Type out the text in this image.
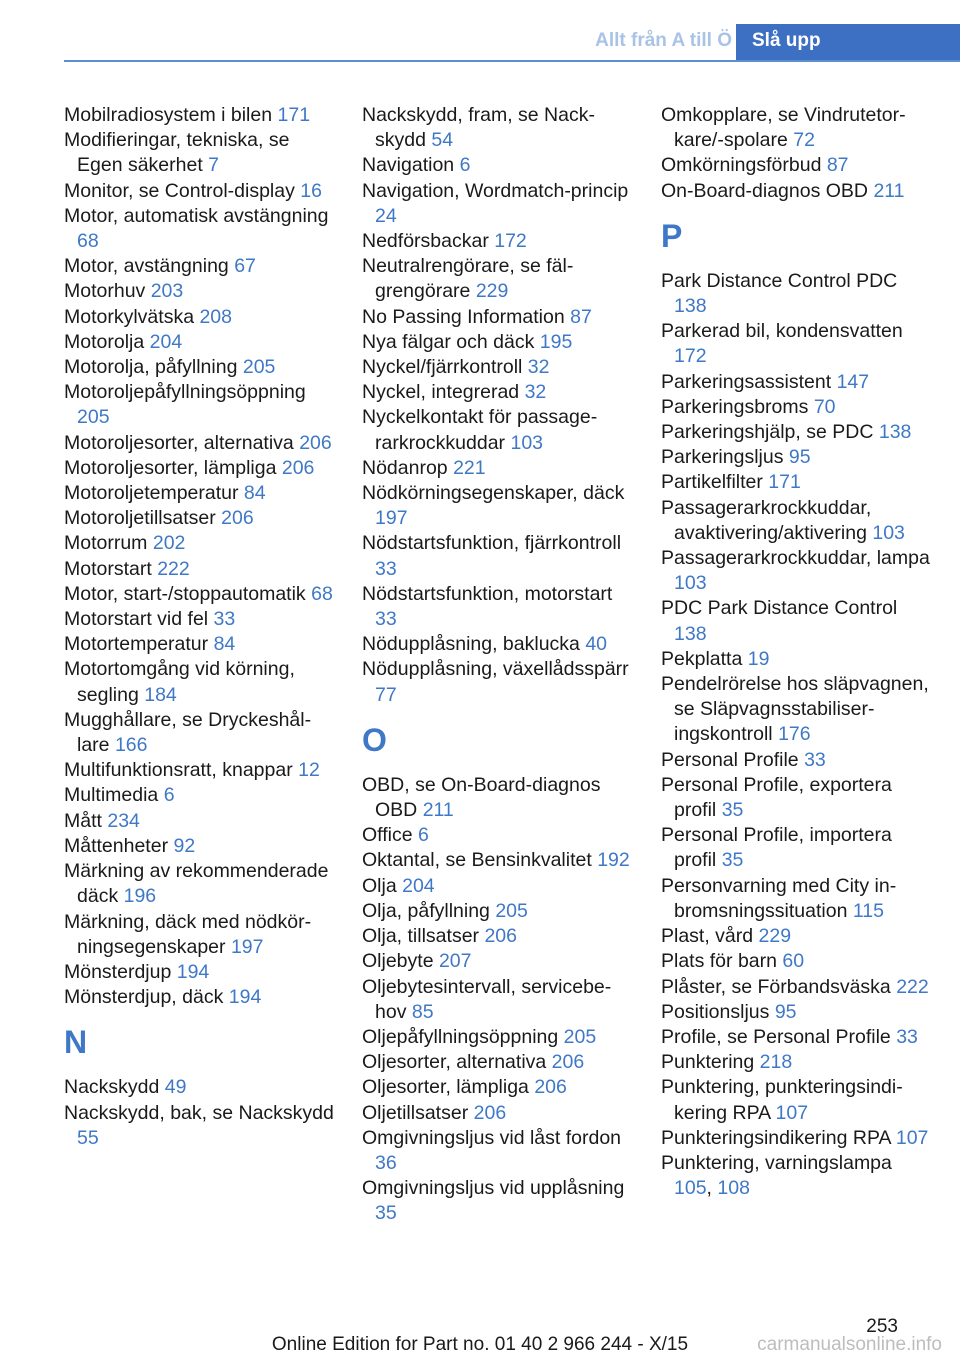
Allt från A till Ö	Slå upp
Mobilradiosystem i bilen 171
Modifieringar, tekniska, se Egen säkerhet 7
Monitor, se Control-display 16
Motor, automatisk avstängning 68
Motor, avstängning 67
Motorhuv 203
Motorkylvätska 208
Motorolja 204
Motorolja, påfyllning 205
Motoroljepåfyllningsöppning 205
Motoroljesorter, alternativa 206
Motoroljesorter, lämpliga 206
Motoroljetemperatur 84
Motoroljetillsatser 206
Motorrum 202
Motorstart 222
Motor, start-/stoppautomatik 68
Motorstart vid fel 33
Motortemperatur 84
Motortomgång vid körning, segling 184
Mugghållare, se Dryckeshållare 166
Multifunktionsratt, knappar 12
Multimedia 6
Mått 234
Måttenheter 92
Märkning av rekommenderade däck 196
Märkning, däck med nödkörningsegenskaper 197
Mönsterdjup 194
Mönsterdjup, däck 194
N
Nackskydd 49
Nackskydd, bak, se Nackskydd 55
Nackskydd, fram, se Nackskydd 54
Navigation 6
Navigation, Wordmatch-princip 24
Nedförsbackar 172
Neutralrengörare, se fälgrengörare 229
No Passing Information 87
Nya fälgar och däck 195
Nyckel/fjärrkontroll 32
Nyckel, integrerad 32
Nyckelkontakt för passagerarkrockkuddar 103
Nödanrop 221
Nödkörningsegenskaper, däck 197
Nödstartsfunktion, fjärrkontroll 33
Nödstartsfunktion, motorstart 33
Nödupplåsning, baklucka 40
Nödupplåsning, växellådsspärr 77
O
OBD, se On-Board-diagnos OBD 211
Office 6
Oktantal, se Bensinkvalitet 192
Olja 204
Olja, påfyllning 205
Olja, tillsatser 206
Oljebyte 207
Oljebytesintervall, servicebehov 85
Oljepåfyllningsöppning 205
Oljesorter, alternativa 206
Oljesorter, lämpliga 206
Oljetillsatser 206
Omgivningsljus vid låst fordon 36
Omgivningsljus vid upplåsning 35
Omkopplare, se Vindrutetorkare/-spolare 72
Omkörningsförbud 87
On-Board-diagnos OBD 211
P
Park Distance Control PDC 138
Parkerad bil, kondensvatten 172
Parkeringsassistent 147
Parkeringsbroms 70
Parkeringshjälp, se PDC 138
Parkeringsljus 95
Partikelfilter 171
Passagerarkrockkuddar, avaktivering/aktivering 103
Passagerarkrockkuddar, lampa 103
PDC Park Distance Control 138
Pekplatta 19
Pendelrörelse hos släpvagnen, se Släpvagnsstabiliseringskontroll 176
Personal Profile 33
Personal Profile, exportera profil 35
Personal Profile, importera profil 35
Personvarning med City inbromsningssituation 115
Plast, vård 229
Plats för barn 60
Plåster, se Förbandsväska 222
Positionsljus 95
Profile, se Personal Profile 33
Punktering 218
Punktering, punkteringsindikering RPA 107
Punkteringsindikering RPA 107
Punktering, varningslampa 105, 108
253
Online Edition for Part no. 01 40 2 966 244 - X/15	carmanualsonline.info
